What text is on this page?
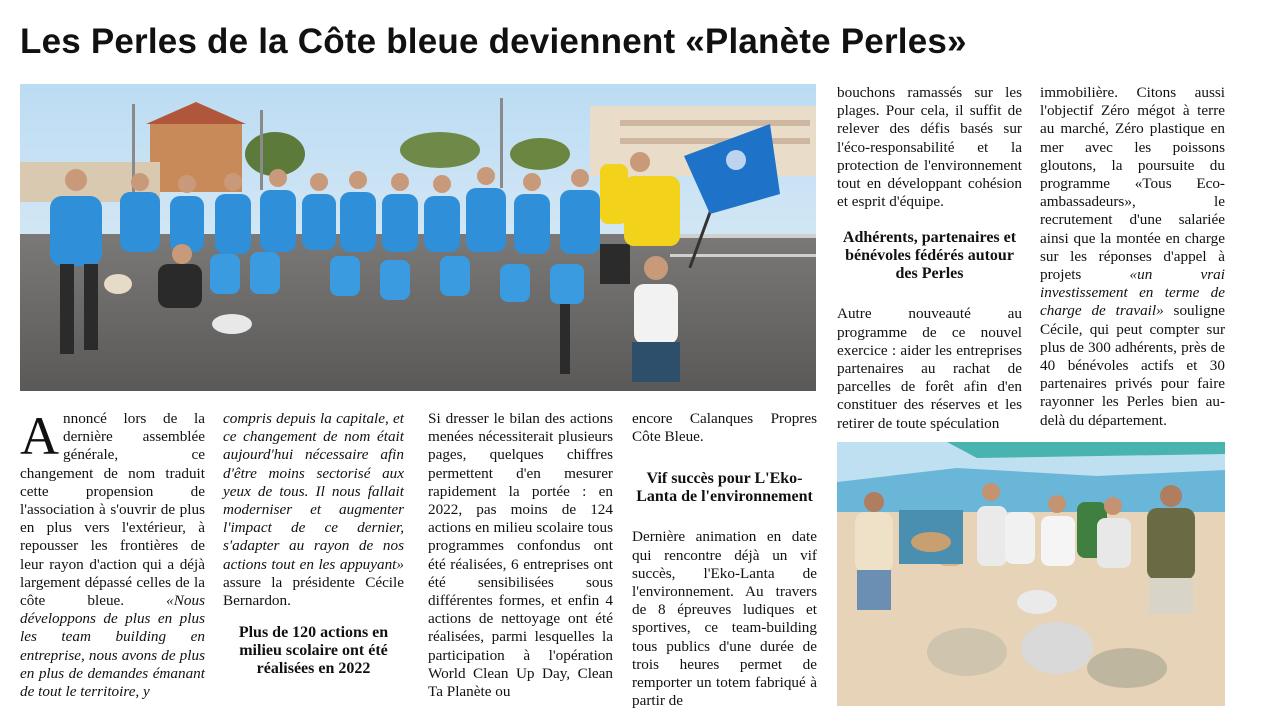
Les Perles de la Côte bleue deviennent «Planète Perles»

Annoncé lors de la dernière assemblée générale, ce changement de nom traduit cette propension de l'association à s'ouvrir de plus en plus vers l'extérieur, à repousser les frontières de leur rayon d'action qui a déjà largement dépassé celles de la côte bleue. «Nous développons de plus en plus les team building en entreprise, nous avons de plus en plus de demandes émanant de tout le territoire, y

compris depuis la capitale, et ce changement de nom était aujourd'hui nécessaire afin d'être moins sectorisé aux yeux de tous. Il nous fallait moderniser et augmenter l'impact de ce dernier, s'adapter au rayon de nos actions tout en les appuyant» assure la présidente Cécile Bernardon.

Plus de 120 actions en milieu scolaire ont été réalisées en 2022

Si dresser le bilan des actions menées nécessiterait plusieurs pages, quelques chiffres permettent d'en mesurer rapidement la portée : en 2022, pas moins de 124 actions en milieu scolaire tous programmes confondus ont été réalisées, 6 entreprises ont été sensibilisées sous différentes formes, et enfin 4 actions de nettoyage ont été réalisées, parmi lesquelles la participation à l'opération World Clean Up Day, Clean Ta Planète ou

encore Calanques Propres Côte Bleue.

Vif succès pour L'Eko-Lanta de l'environnement

Dernière animation en date qui rencontre déjà un vif succès, l'Eko-Lanta de l'environnement. Au travers de 8 épreuves ludiques et sportives, ce team-building tous publics d'une durée de trois heures permet de remporter un totem fabriqué à partir de

bouchons ramassés sur les plages. Pour cela, il suffit de relever des défis basés sur l'éco-responsabilité et la protection de l'environnement tout en développant cohésion et esprit d'équipe.

Adhérents, partenaires et bénévoles fédérés autour des Perles

Autre nouveauté au programme de ce nouvel exercice : aider les entreprises partenaires au rachat de parcelles de forêt afin d'en constituer des réserves et les retirer de toute spéculation

immobilière. Citons aussi l'objectif Zéro mégot à terre au marché, Zéro plastique en mer avec les poissons gloutons, la poursuite du programme «Tous Eco-ambassadeurs», le recrutement d'une salariée ainsi que la montée en charge sur les réponses d'appel à projets «un vrai investissement en terme de charge de travail» souligne Cécile, qui peut compter sur plus de 300 adhérents, près de 40 bénévoles actifs et 30 partenaires privés pour faire rayonner les Perles bien au-delà du département.
